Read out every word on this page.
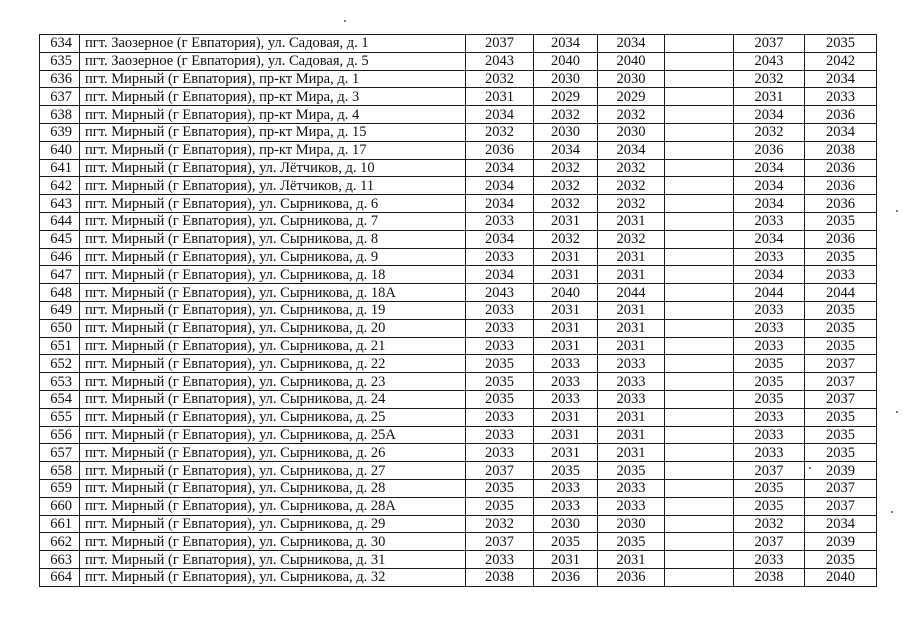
634	пгт. Заозерное (г Евпатория), ул. Садовая, д. 1	2037	2034	2034		2037	2035
635	пгт. Заозерное (г Евпатория), ул. Садовая, д. 5	2043	2040	2040		2043	2042
636	пгт. Мирный (г Евпатория), пр-кт Мира, д. 1	2032	2030	2030		2032	2034
637	пгт. Мирный (г Евпатория), пр-кт Мира, д. 3	2031	2029	2029		2031	2033
638	пгт. Мирный (г Евпатория), пр-кт Мира, д. 4	2034	2032	2032		2034	2036
639	пгт. Мирный (г Евпатория), пр-кт Мира, д. 15	2032	2030	2030		2032	2034
640	пгт. Мирный (г Евпатория), пр-кт Мира, д. 17	2036	2034	2034		2036	2038
641	пгт. Мирный (г Евпатория), ул. Лётчиков, д. 10	2034	2032	2032		2034	2036
642	пгт. Мирный (г Евпатория), ул. Лётчиков, д. 11	2034	2032	2032		2034	2036
643	пгт. Мирный (г Евпатория), ул. Сырникова, д. 6	2034	2032	2032		2034	2036
644	пгт. Мирный (г Евпатория), ул. Сырникова, д. 7	2033	2031	2031		2033	2035
645	пгт. Мирный (г Евпатория), ул. Сырникова, д. 8	2034	2032	2032		2034	2036
646	пгт. Мирный (г Евпатория), ул. Сырникова, д. 9	2033	2031	2031		2033	2035
647	пгт. Мирный (г Евпатория), ул. Сырникова, д. 18	2034	2031	2031		2034	2033
648	пгт. Мирный (г Евпатория), ул. Сырникова, д. 18А	2043	2040	2044		2044	2044
649	пгт. Мирный (г Евпатория), ул. Сырникова, д. 19	2033	2031	2031		2033	2035
650	пгт. Мирный (г Евпатория), ул. Сырникова, д. 20	2033	2031	2031		2033	2035
651	пгт. Мирный (г Евпатория), ул. Сырникова, д. 21	2033	2031	2031		2033	2035
652	пгт. Мирный (г Евпатория), ул. Сырникова, д. 22	2035	2033	2033		2035	2037
653	пгт. Мирный (г Евпатория), ул. Сырникова, д. 23	2035	2033	2033		2035	2037
654	пгт. Мирный (г Евпатория), ул. Сырникова, д. 24	2035	2033	2033		2035	2037
655	пгт. Мирный (г Евпатория), ул. Сырникова, д. 25	2033	2031	2031		2033	2035
656	пгт. Мирный (г Евпатория), ул. Сырникова, д. 25А	2033	2031	2031		2033	2035
657	пгт. Мирный (г Евпатория), ул. Сырникова, д. 26	2033	2031	2031		2033	2035
658	пгт. Мирный (г Евпатория), ул. Сырникова, д. 27	2037	2035	2035		2037	2039
659	пгт. Мирный (г Евпатория), ул. Сырникова, д. 28	2035	2033	2033		2035	2037
660	пгт. Мирный (г Евпатория), ул. Сырникова, д. 28А	2035	2033	2033		2035	2037
661	пгт. Мирный (г Евпатория), ул. Сырникова, д. 29	2032	2030	2030		2032	2034
662	пгт. Мирный (г Евпатория), ул. Сырникова, д. 30	2037	2035	2035		2037	2039
663	пгт. Мирный (г Евпатория), ул. Сырникова, д. 31	2033	2031	2031		2033	2035
664	пгт. Мирный (г Евпатория), ул. Сырникова, д. 32	2038	2036	2036		2038	2040
